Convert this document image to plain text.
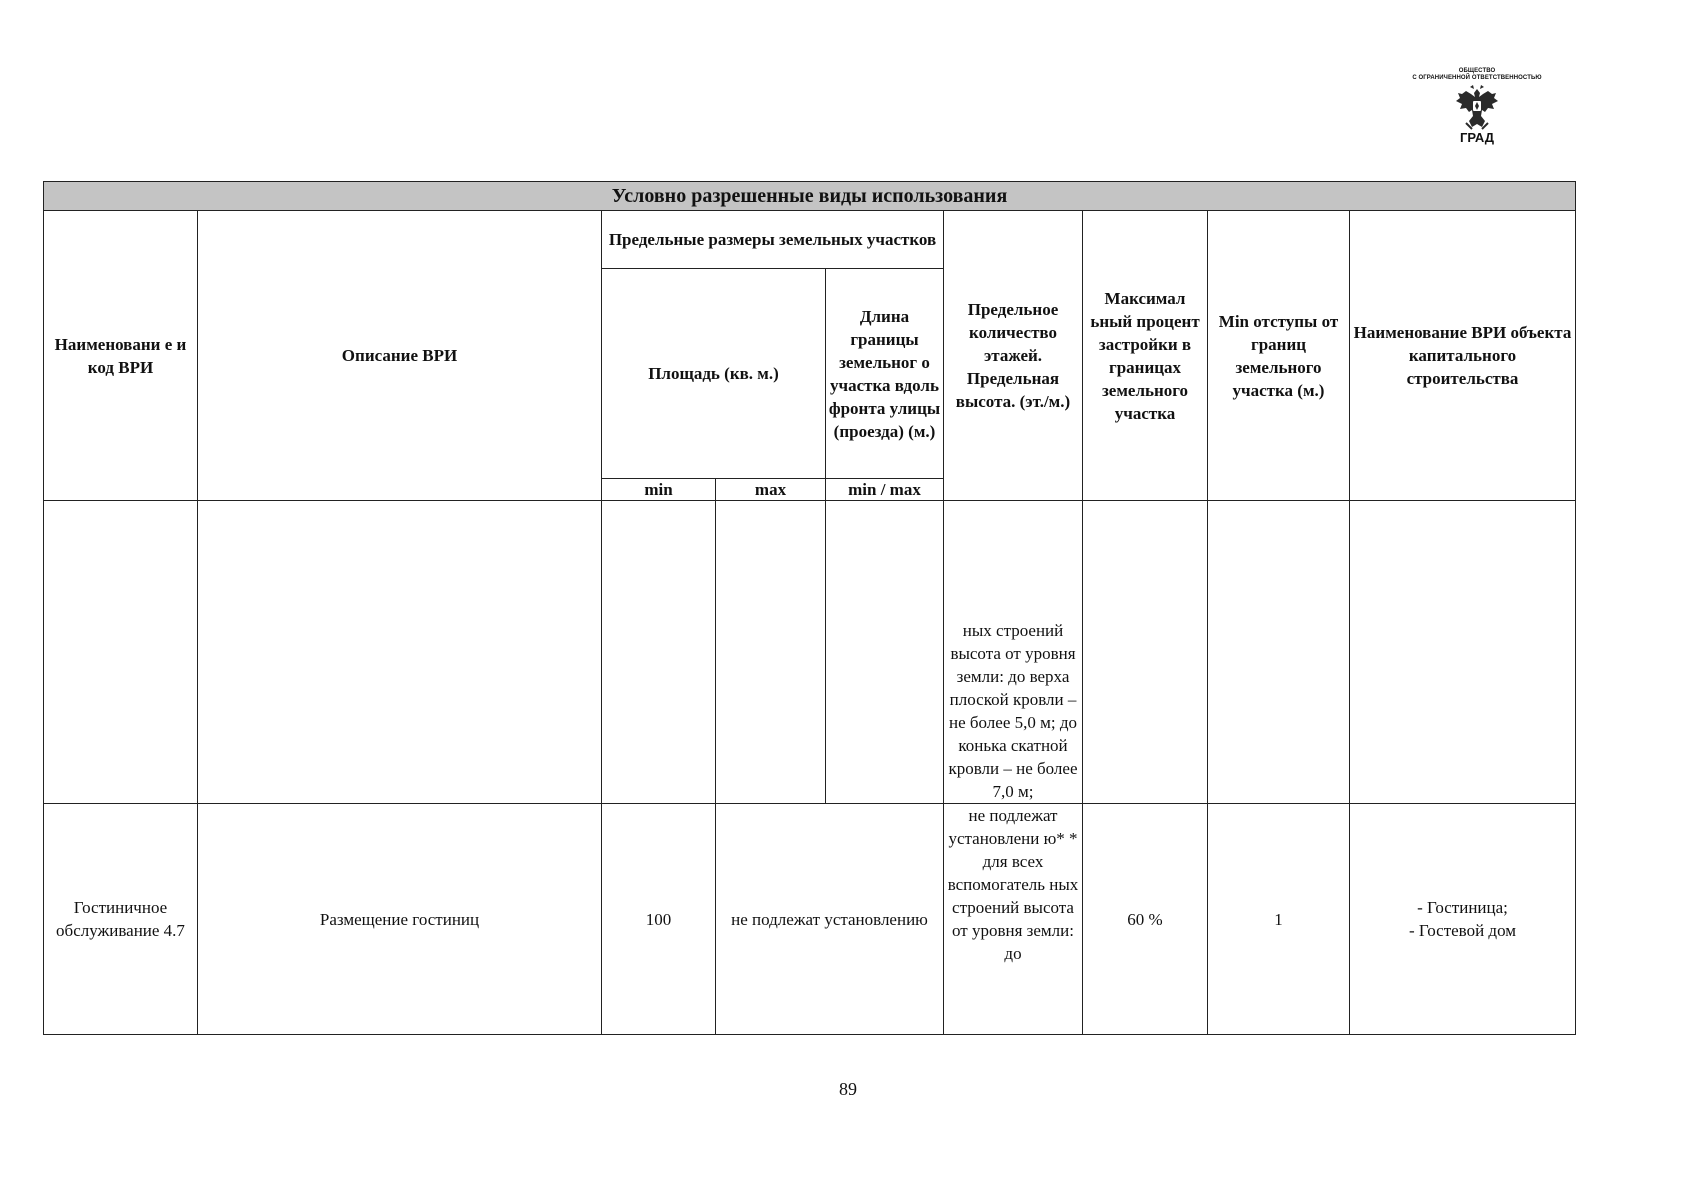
ОБЩЕСТВО
С ОГРАНИЧЕННОЙ ОТВЕТСТВЕННОСТЬЮ
ГРАД
Условно разрешенные виды использования								
Наименовани е и код ВРИ	Описание ВРИ	Предельные размеры земельных участков			Предельное количество этажей. Предельная высота. (эт./м.)	Максимал ьный процент застройки в границах земельного участка	Min отступы от границ земельного участка (м.)	Наименование ВРИ объекта капитального строительства
		Площадь (кв. м.)		Длина границы земельног о участка вдоль фронта улицы (проезда) (м.)				
		min	max	min / max				
					ных строений высота от уровня земли: до верха плоской кровли – не более 5,0 м; до конька скатной кровли – не более 7,0 м;			
Гостиничное обслуживание 4.7	Размещение гостиниц	100	не подлежат установлению		не подлежат установлени ю* * для всех вспомогатель ных строений высота от уровня земли: до	60 %	1	- Гостиница;
- Гостевой дом
89
